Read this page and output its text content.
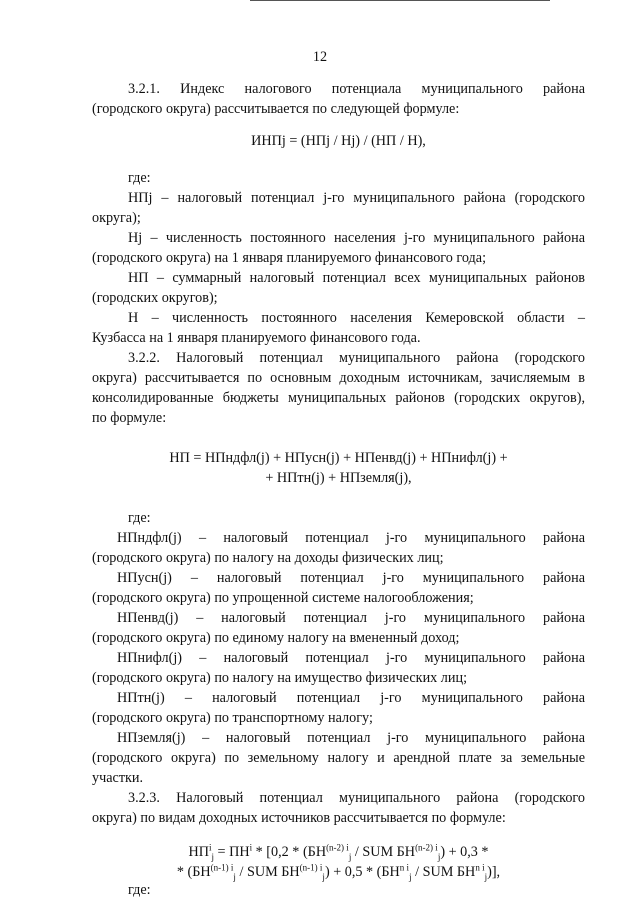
12
3.2.1. Индекс налогового потенциала муниципального района
(городского округа) рассчитывается по следующей формуле:
ИНПj = (НПj / Hj) / (НП / Н),
где:
НПj – налоговый потенциал j-го муниципального района (городского
округа);
Нj – численность постоянного населения j-го муниципального района
(городского округа) на 1 января планируемого финансового года;
НП – суммарный налоговый потенциал всех муниципальных районов
(городских округов);
Н – численность постоянного населения Кемеровской области –
Кузбасса на 1 января планируемого финансового года.
3.2.2. Налоговый потенциал муниципального района (городского
округа) рассчитывается по основным доходным источникам, зачисляемым в
консолидированные бюджеты муниципальных районов (городских округов),
по формуле:
НП = НПндфл(j) + НПусн(j) + НПенвд(j) + НПнифл(j) +
+ НПтн(j) + НПземля(j),
где:
НПндфл(j) – налоговый потенциал j-го муниципального района
(городского округа) по налогу на доходы физических лиц;
НПусн(j) – налоговый потенциал j-го муниципального района
(городского округа) по упрощенной системе налогообложения;
НПенвд(j) – налоговый потенциал j-го муниципального района
(городского округа) по единому налогу на вмененный доход;
НПнифл(j) – налоговый потенциал j-го муниципального района
(городского округа) по налогу на имущество физических лиц;
НПтн(j) – налоговый потенциал j-го муниципального района
(городского округа) по транспортному налогу;
НПземля(j) – налоговый потенциал j-го муниципального района
(городского округа) по земельному налогу и арендной плате за земельные
участки.
3.2.3. Налоговый потенциал муниципального района (городского
округа) по видам доходных источников рассчитывается по формуле:
$НП^i_j = ПН^i * [0,2 * (БН^{(n-2) i}_j$ / SUM $БН^{(n-2) i}_j) + 0,3$ *
* ($БН^{(n-1) i}_j$ / SUM $БН^{(n-1) i}_j) + 0,5 * (БН^{n i}_j$ / SUM $БН^{n i}_j$)],
где:
